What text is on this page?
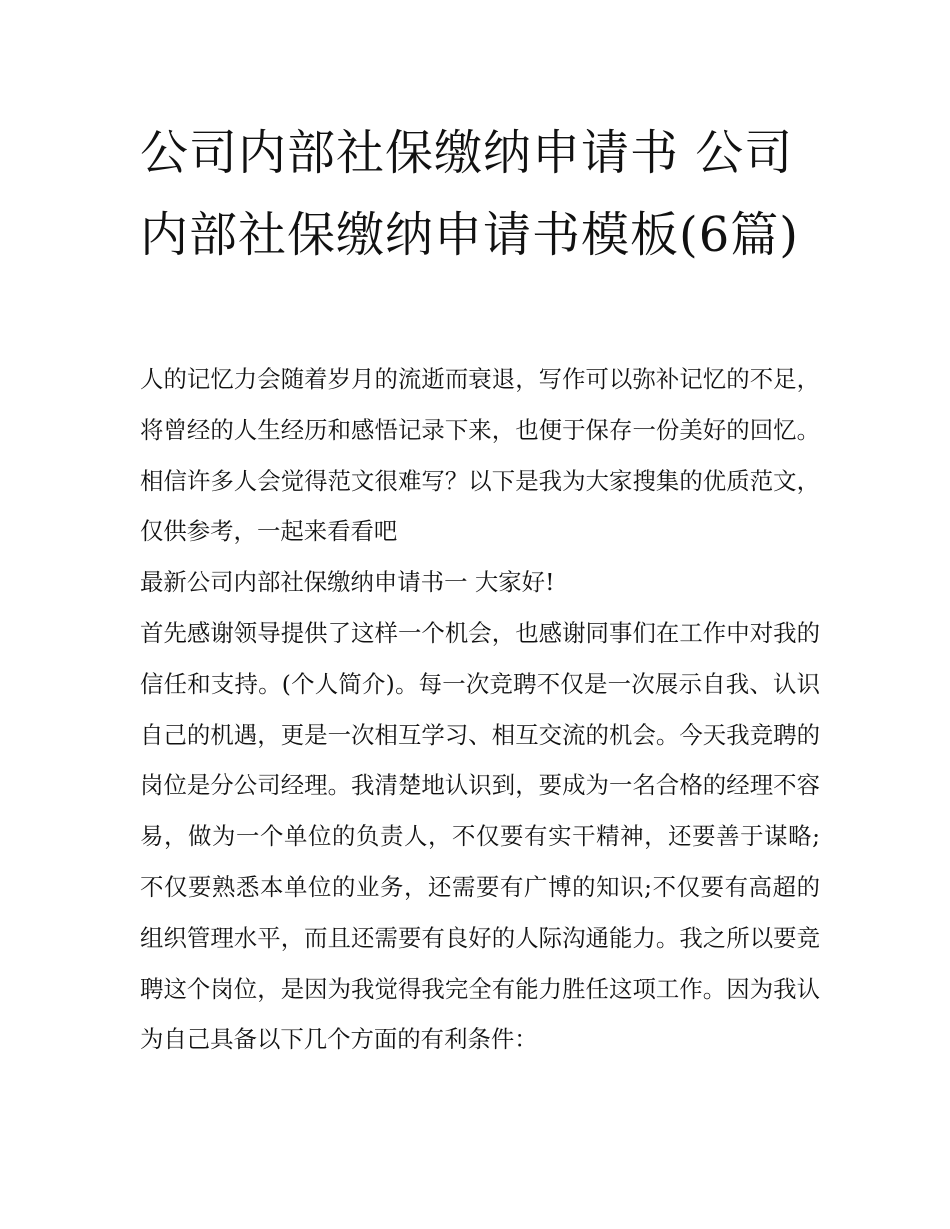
公司内部社保缴纳申请书 公司内部社保缴纳申请书模板(6篇)

人的记忆力会随着岁月的流逝而衰退，写作可以弥补记忆的不足，将曾经的人生经历和感悟记录下来，也便于保存一份美好的回忆。相信许多人会觉得范文很难写？以下是我为大家搜集的优质范文，仅供参考，一起来看看吧

最新公司内部社保缴纳申请书一 大家好!

首先感谢领导提供了这样一个机会，也感谢同事们在工作中对我的信任和支持。(个人简介)。每一次竞聘不仅是一次展示自我、认识自己的机遇，更是一次相互学习、相互交流的机会。今天我竞聘的岗位是分公司经理。我清楚地认识到，要成为一名合格的经理不容易，做为一个单位的负责人，不仅要有实干精神，还要善于谋略;不仅要熟悉本单位的业务，还需要有广博的知识;不仅要有高超的组织管理水平，而且还需要有良好的人际沟通能力。我之所以要竞聘这个岗位，是因为我觉得我完全有能力胜任这项工作。因为我认为自己具备以下几个方面的有利条件：
